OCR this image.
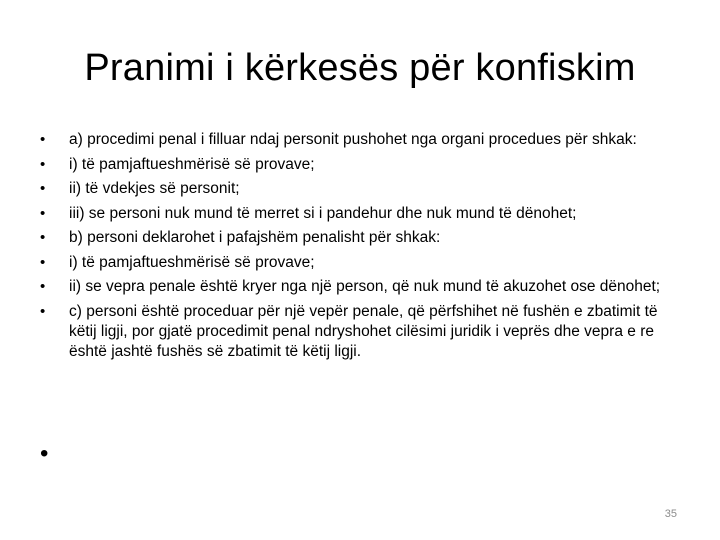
Pranimi i kërkesës për konfiskim
• a) procedimi penal i filluar ndaj personit pushohet nga organi procedues për shkak:
• i) të pamjaftueshmërisë së provave;
• ii) të vdekjes së personit;
• iii) se personi nuk mund të merret si i pandehur dhe nuk mund të dënohet;
• b) personi deklarohet i pafajshëm penalisht për shkak:
• i) të pamjaftueshmërisë së provave;
• ii) se vepra penale është kryer nga një person, që nuk mund të akuzohet ose dënohet;
• c) personi është proceduar për një vepër penale, që përfshihet në fushën e zbatimit të këtij ligji, por gjatë procedimit penal ndryshohet cilësimi juridik i veprës dhe vepra e re është jashtë fushës së zbatimit të këtij ligji.
•
35
